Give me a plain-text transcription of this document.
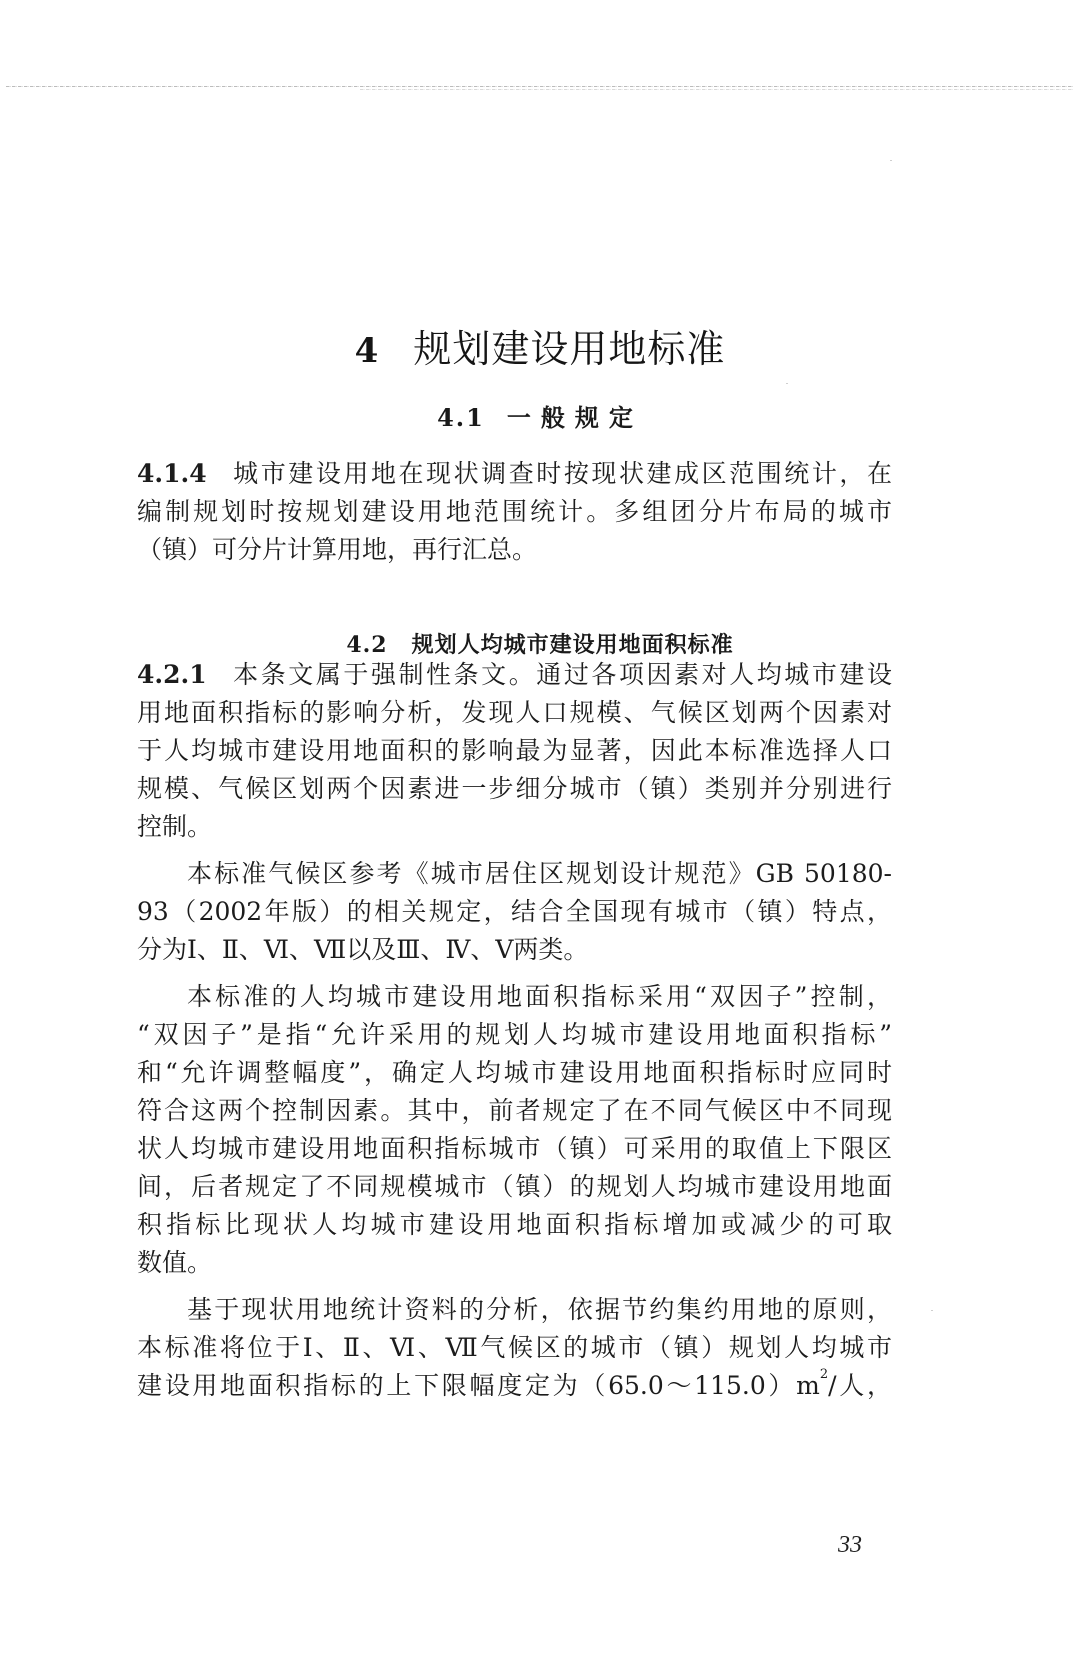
4 规划建设用地标准
4.1 一般规定
4.1.4 城市建设用地在现状调查时按现状建成区范围统计，在
编制规划时按规划建设用地范围统计。多组团分片布局的城市
（镇）可分片计算用地，再行汇总。
4.2 规划人均城市建设用地面积标准
4.2.1 本条文属于强制性条文。通过各项因素对人均城市建设
用地面积指标的影响分析，发现人口规模、气候区划两个因素对
于人均城市建设用地面积的影响最为显著，因此本标准选择人口
规模、气候区划两个因素进一步细分城市（镇）类别并分别进行
控制。
本标准气候区参考《城市居住区规划设计规范》GB 50180-
93（2002年版）的相关规定，结合全国现有城市（镇）特点，
分为Ⅰ、Ⅱ、Ⅵ、Ⅶ以及Ⅲ、Ⅳ、Ⅴ两类。
本标准的人均城市建设用地面积指标采用“双因子”控制，
“双因子”是指“允许采用的规划人均城市建设用地面积指标”
和“允许调整幅度”，确定人均城市建设用地面积指标时应同时
符合这两个控制因素。其中，前者规定了在不同气候区中不同现
状人均城市建设用地面积指标城市（镇）可采用的取值上下限区
间，后者规定了不同规模城市（镇）的规划人均城市建设用地面
积指标比现状人均城市建设用地面积指标增加或减少的可取
数值。
基于现状用地统计资料的分析，依据节约集约用地的原则，
本标准将位于Ⅰ、Ⅱ、Ⅵ、Ⅶ气候区的城市（镇）规划人均城市
建设用地面积指标的上下限幅度定为$(65.0\sim 115.0)m^2/$人，
33
